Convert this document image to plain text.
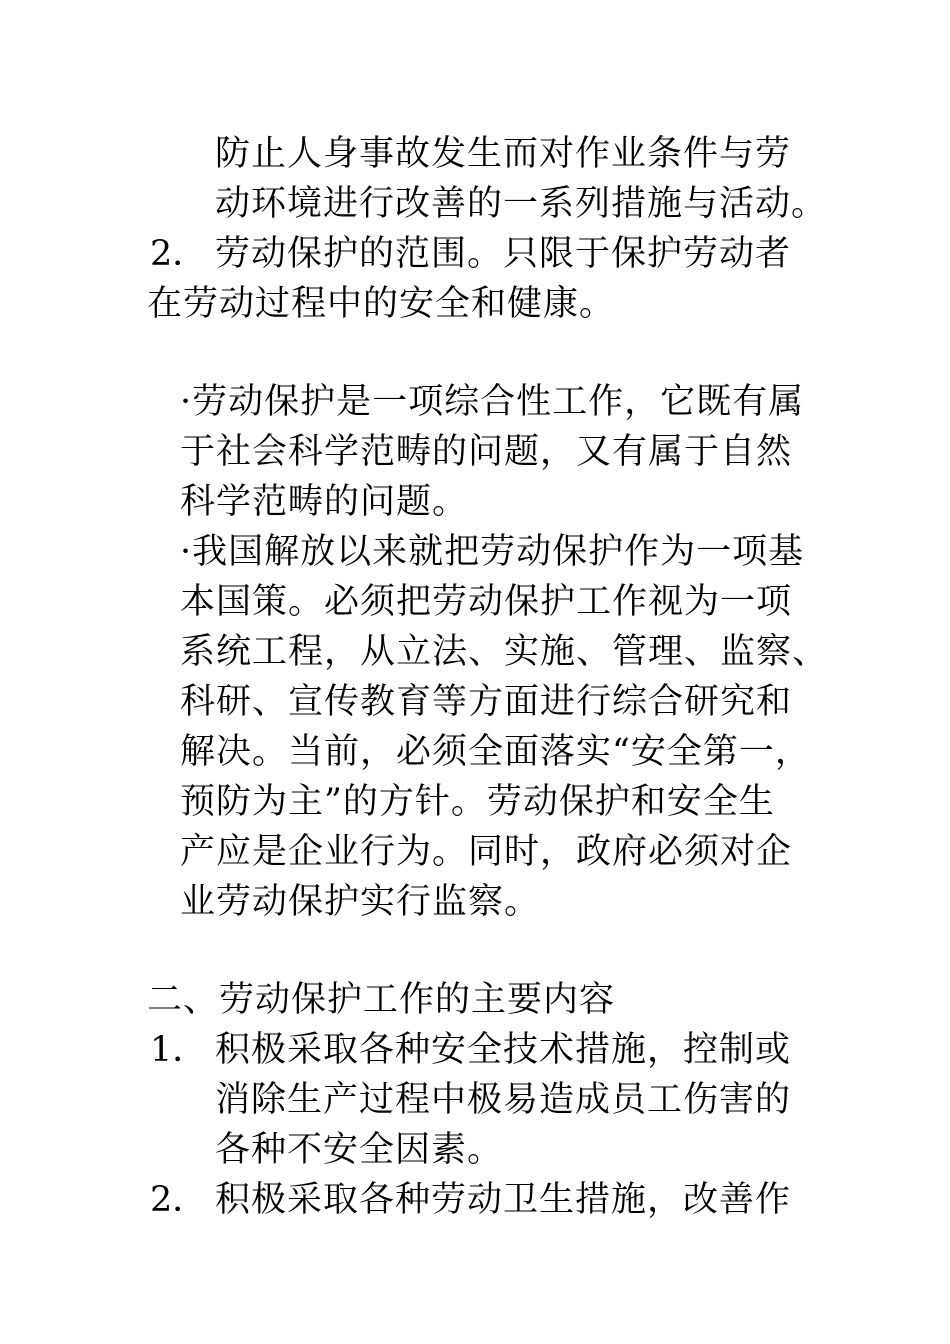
防止人身事故发生而对作业条件与劳
动环境进行改善的一系列措施与活动。
2． 劳动保护的范围。只限于保护劳动者
在劳动过程中的安全和健康。
·劳动保护是一项综合性工作，它既有属
于社会科学范畴的问题，又有属于自然
科学范畴的问题。
·我国解放以来就把劳动保护作为一项基
本国策。必须把劳动保护工作视为一项
系统工程，从立法、实施、管理、监察、
科研、宣传教育等方面进行综合研究和
解决。当前，必须全面落实“安全第一，
预防为主”的方针。劳动保护和安全生
产应是企业行为。同时，政府必须对企
业劳动保护实行监察。
二、劳动保护工作的主要内容
1． 积极采取各种安全技术措施，控制或
消除生产过程中极易造成员工伤害的
各种不安全因素。
2． 积极采取各种劳动卫生措施，改善作
